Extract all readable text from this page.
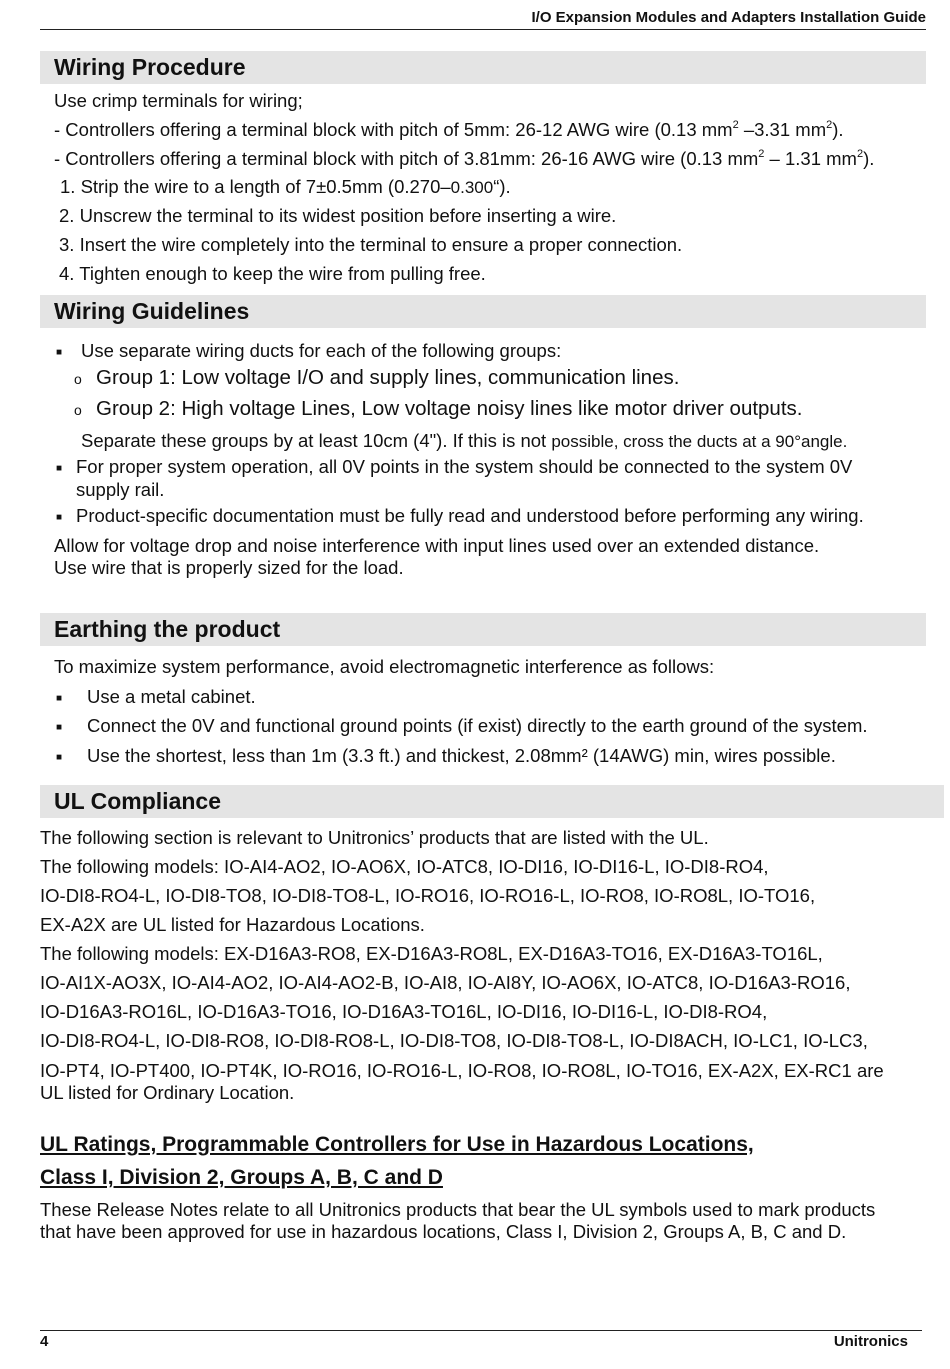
I/O Expansion Modules and Adapters Installation Guide
Wiring Procedure
Use crimp terminals for wiring;
- Controllers offering a terminal block with pitch of 5mm: 26-12 AWG wire (0.13 $mm^2$ –3.31 $mm^2$).
- Controllers offering a terminal block with pitch of 3.81mm: 26-16 AWG wire (0.13 $mm^2 - 1.31$ $mm^2$).
1. Strip the wire to a length of 7±0.5mm (0.270–0.300“).
2. Unscrew the terminal to its widest position before inserting a wire.
3. Insert the wire completely into the terminal to ensure a proper connection.
4. Tighten enough to keep the wire from pulling free.
Wiring Guidelines
■ Use separate wiring ducts for each of the following groups:
o Group 1: Low voltage I/O and supply lines, communication lines.
o Group 2: High voltage Lines, Low voltage noisy lines like motor driver outputs.
Separate these groups by at least 10cm (4"). If this is not possible, cross the ducts at a 90°angle.
■ For proper system operation, all 0V points in the system should be connected to the system 0V
supply rail.
■ Product-specific documentation must be fully read and understood before performing any wiring.
Allow for voltage drop and noise interference with input lines used over an extended distance.
Use wire that is properly sized for the load.
Earthing the product
To maximize system performance, avoid electromagnetic interference as follows:
■ Use a metal cabinet.
■ Connect the 0V and functional ground points (if exist) directly to the earth ground of the system.
■ Use the shortest, less than 1m (3.3 ft.) and thickest, 2.08mm² (14AWG) min, wires possible.
UL Compliance
The following section is relevant to Unitronics’ products that are listed with the UL.
The following models: IO-AI4-AO2, IO-AO6X, IO-ATC8, IO-DI16, IO-DI16-L, IO-DI8-RO4,
IO-DI8-RO4-L, IO-DI8-TO8, IO-DI8-TO8-L, IO-RO16, IO-RO16-L, IO-RO8, IO-RO8L, IO-TO16,
EX-A2X are UL listed for Hazardous Locations.
The following models: EX-D16A3-RO8, EX-D16A3-RO8L, EX-D16A3-TO16, EX-D16A3-TO16L,
IO-AI1X-AO3X, IO-AI4-AO2, IO-AI4-AO2-B, IO-AI8, IO-AI8Y, IO-AO6X, IO-ATC8, IO-D16A3-RO16,
IO-D16A3-RO16L, IO-D16A3-TO16, IO-D16A3-TO16L, IO-DI16, IO-DI16-L, IO-DI8-RO4,
IO-DI8-RO4-L, IO-DI8-RO8, IO-DI8-RO8-L, IO-DI8-TO8, IO-DI8-TO8-L, IO-DI8ACH, IO-LC1, IO-LC3,
IO-PT4, IO-PT400, IO-PT4K, IO-RO16, IO-RO16-L, IO-RO8, IO-RO8L, IO-TO16, EX-A2X, EX-RC1 are
UL listed for Ordinary Location.
UL Ratings, Programmable Controllers for Use in Hazardous Locations,
Class I, Division 2, Groups A, B, C and D
These Release Notes relate to all Unitronics products that bear the UL symbols used to mark products
that have been approved for use in hazardous locations, Class I, Division 2, Groups A, B, C and D.
4	Unitronics
